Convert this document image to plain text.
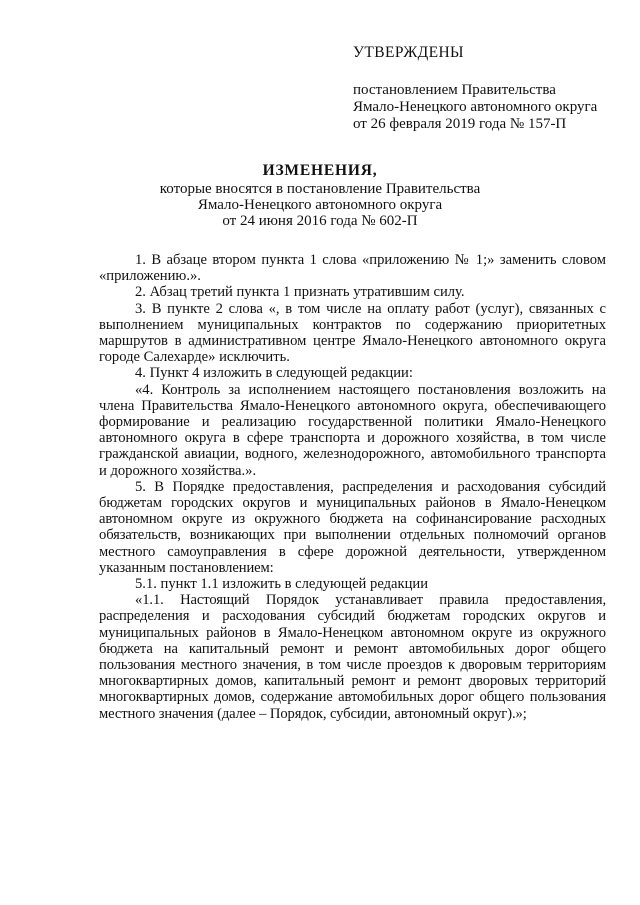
УТВЕРЖДЕНЫ
постановлением Правительства
Ямало-Ненецкого автономного округа
от 26 февраля 2019 года № 157-П
ИЗМЕНЕНИЯ,
которые вносятся в постановление Правительства
Ямало-Ненецкого автономного округа
от 24 июня 2016 года № 602-П

1. В абзаце втором пункта 1 слова «приложению № 1;» заменить словом «приложению.».

2. Абзац третий пункта 1 признать утратившим силу.

3. В пункте 2 слова «, в том числе на оплату работ (услуг), связанных с выполнением муниципальных контрактов по содержанию приоритетных маршрутов в административном центре Ямало-Ненецкого автономного округа городе Салехарде» исключить.

4. Пункт 4 изложить в следующей редакции:

«4. Контроль за исполнением настоящего постановления возложить на члена Правительства Ямало-Ненецкого автономного округа, обеспечивающего формирование и реализацию государственной политики Ямало-Ненецкого автономного округа в сфере транспорта и дорожного хозяйства, в том числе гражданской авиации, водного, железнодорожного, автомобильного транспорта и дорожного хозяйства.».

5. В Порядке предоставления, распределения и расходования субсидий бюджетам городских округов и муниципальных районов в Ямало-Ненецком автономном округе из окружного бюджета на софинансирование расходных обязательств, возникающих при выполнении отдельных полномочий органов местного самоуправления в сфере дорожной деятельности, утвержденном указанным постановлением:

5.1. пункт 1.1 изложить в следующей редакции

«1.1. Настоящий Порядок устанавливает правила предоставления, распределения и расходования субсидий бюджетам городских округов и муниципальных районов в Ямало-Ненецком автономном округе из окружного бюджета на капитальный ремонт и ремонт автомобильных дорог общего пользования местного значения, в том числе проездов к дворовым территориям многоквартирных домов, капитальный ремонт и ремонт дворовых территорий многоквартирных домов, содержание автомобильных дорог общего пользования местного значения (далее – Порядок, субсидии, автономный округ).»;
